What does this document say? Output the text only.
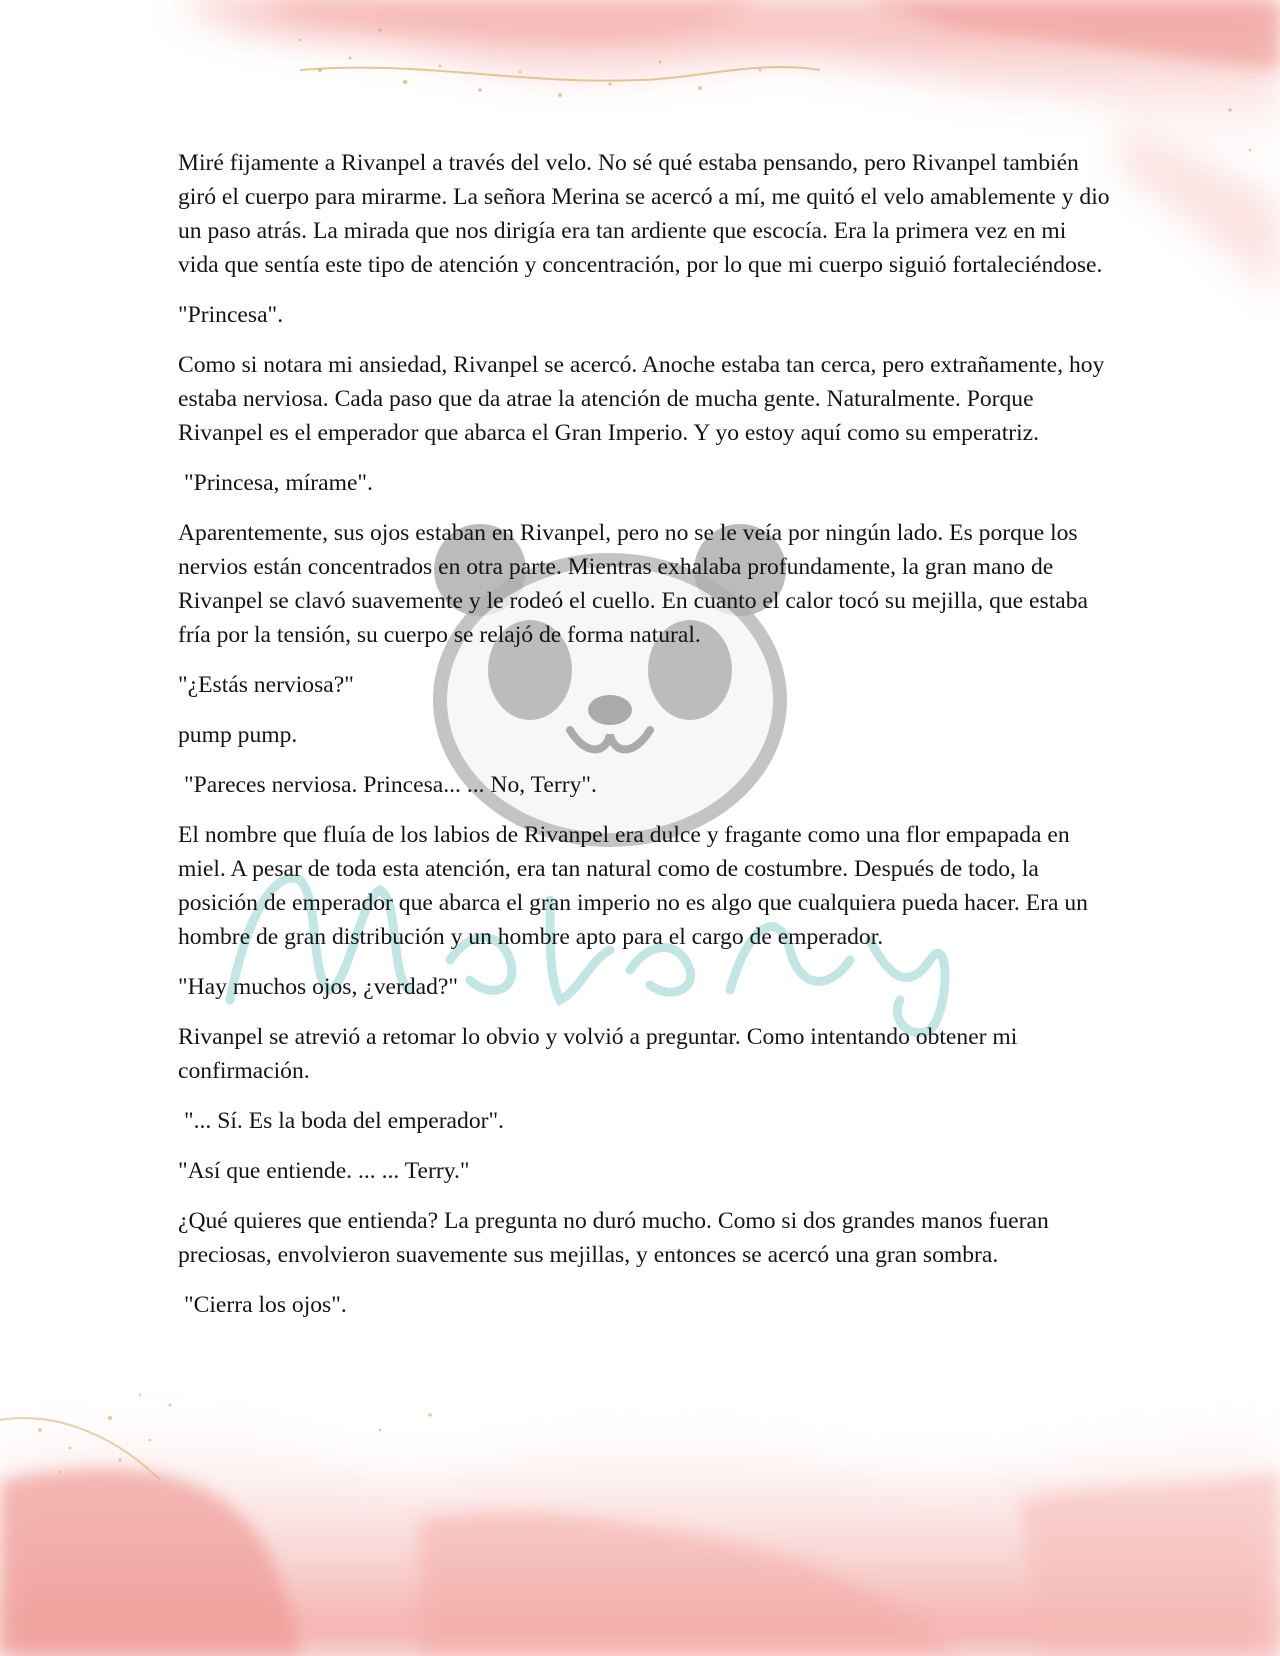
Miré fijamente a Rivanpel a través del velo. No sé qué estaba pensando, pero Rivanpel también giró el cuerpo para mirarme. La señora Merina se acercó a mí, me quitó el velo amablemente y dio un paso atrás. La mirada que nos dirigía era tan ardiente que escocía. Era la primera vez en mi vida que sentía este tipo de atención y concentración, por lo que mi cuerpo siguió fortaleciéndose.

"Princesa".

Como si notara mi ansiedad, Rivanpel se acercó. Anoche estaba tan cerca, pero extrañamente, hoy estaba nerviosa. Cada paso que da atrae la atención de mucha gente. Naturalmente. Porque Rivanpel es el emperador que abarca el Gran Imperio. Y yo estoy aquí como su emperatriz.

"Princesa, mírame".

Aparentemente, sus ojos estaban en Rivanpel, pero no se le veía por ningún lado. Es porque los nervios están concentrados en otra parte. Mientras exhalaba profundamente, la gran mano de Rivanpel se clavó suavemente y le rodeó el cuello. En cuanto el calor tocó su mejilla, que estaba fría por la tensión, su cuerpo se relajó de forma natural.

"¿Estás nerviosa?"

pump pump.

"Pareces nerviosa. Princesa... ... No, Terry".

El nombre que fluía de los labios de Rivanpel era dulce y fragante como una flor empapada en miel. A pesar de toda esta atención, era tan natural como de costumbre. Después de todo, la posición de emperador que abarca el gran imperio no es algo que cualquiera pueda hacer. Era un hombre de gran distribución y un hombre apto para el cargo de emperador.

"Hay muchos ojos, ¿verdad?"

Rivanpel se atrevió a retomar lo obvio y volvió a preguntar. Como intentando obtener mi confirmación.

"... Sí. Es la boda del emperador".

"Así que entiende. ... ... Terry."

¿Qué quieres que entienda? La pregunta no duró mucho. Como si dos grandes manos fueran preciosas, envolvieron suavemente sus mejillas, y entonces se acercó una gran sombra.

"Cierra los ojos".
